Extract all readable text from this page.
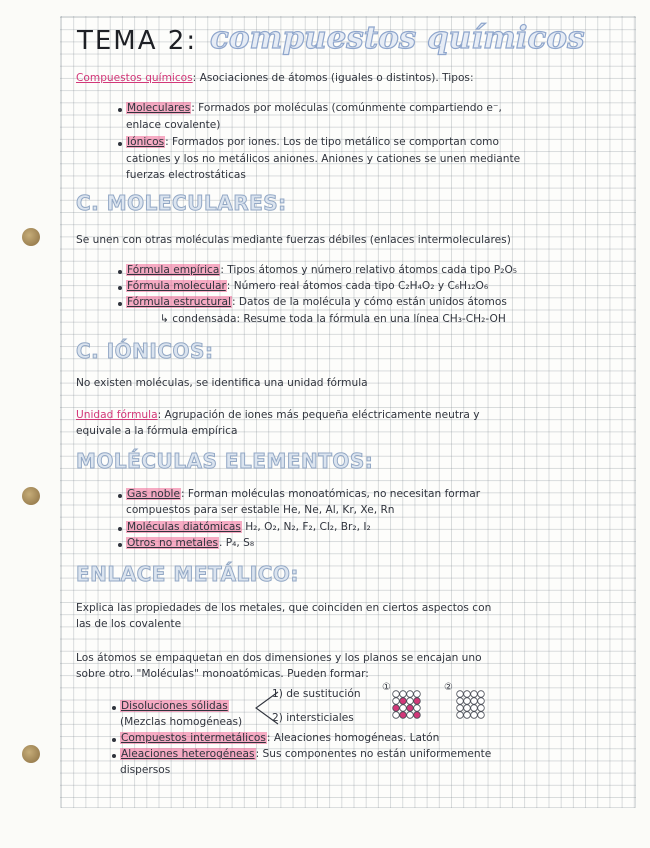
TEMA 2: compuestos químicos

Compuestos químicos: Asociaciones de átomos (iguales o distintos). Tipos:

Moleculares: Formados por moléculas (comúnmente compartiendo e⁻,

enlace covalente)

Iónicos: Formados por iones. Los de tipo metálico se comportan como

cationes y los no metálicos aniones. Aniones y cationes se unen mediante

fuerzas electrostáticas

C. MOLECULARES:

Se unen con otras moléculas mediante fuerzas débiles (enlaces intermoleculares)

Fórmula empírica: Tipos átomos y número relativo átomos cada tipo P₂O₅

Fórmula molecular: Número real átomos cada tipo C₂H₄O₂ y C₆H₁₂O₆

Fórmula estructural: Datos de la molécula y cómo están unidos átomos

↳ condensada: Resume toda la fórmula en una línea CH₃-CH₂-OH

C. IÓNICOS:

No existen moléculas, se identifica una unidad fórmula

Unidad fórmula: Agrupación de iones más pequeña eléctricamente neutra y

equivale a la fórmula empírica

MOLÉCULAS ELEMENTOS:

Gas noble: Forman moléculas monoatómicas, no necesitan formar

compuestos para ser estable He, Ne, Al, Kr, Xe, Rn

Moléculas diatómicas H₂, O₂, N₂, F₂, Cl₂, Br₂, I₂

Otros no metales. P₄, S₈

ENLACE METÁLICO:

Explica las propiedades de los metales, que coinciden en ciertos aspectos con

las de los covalente

Los átomos se empaquetan en dos dimensiones y los planos se encajan uno

sobre otro. "Moléculas" monoatómicas. Pueden formar:

Disoluciones sólidas

(Mezclas homogéneas)

1) de sustitución

2) intersticiales

①	②

Compuestos intermetálicos: Aleaciones homogéneas. Latón

Aleaciones heterogéneas: Sus componentes no están uniformemente

dispersos
